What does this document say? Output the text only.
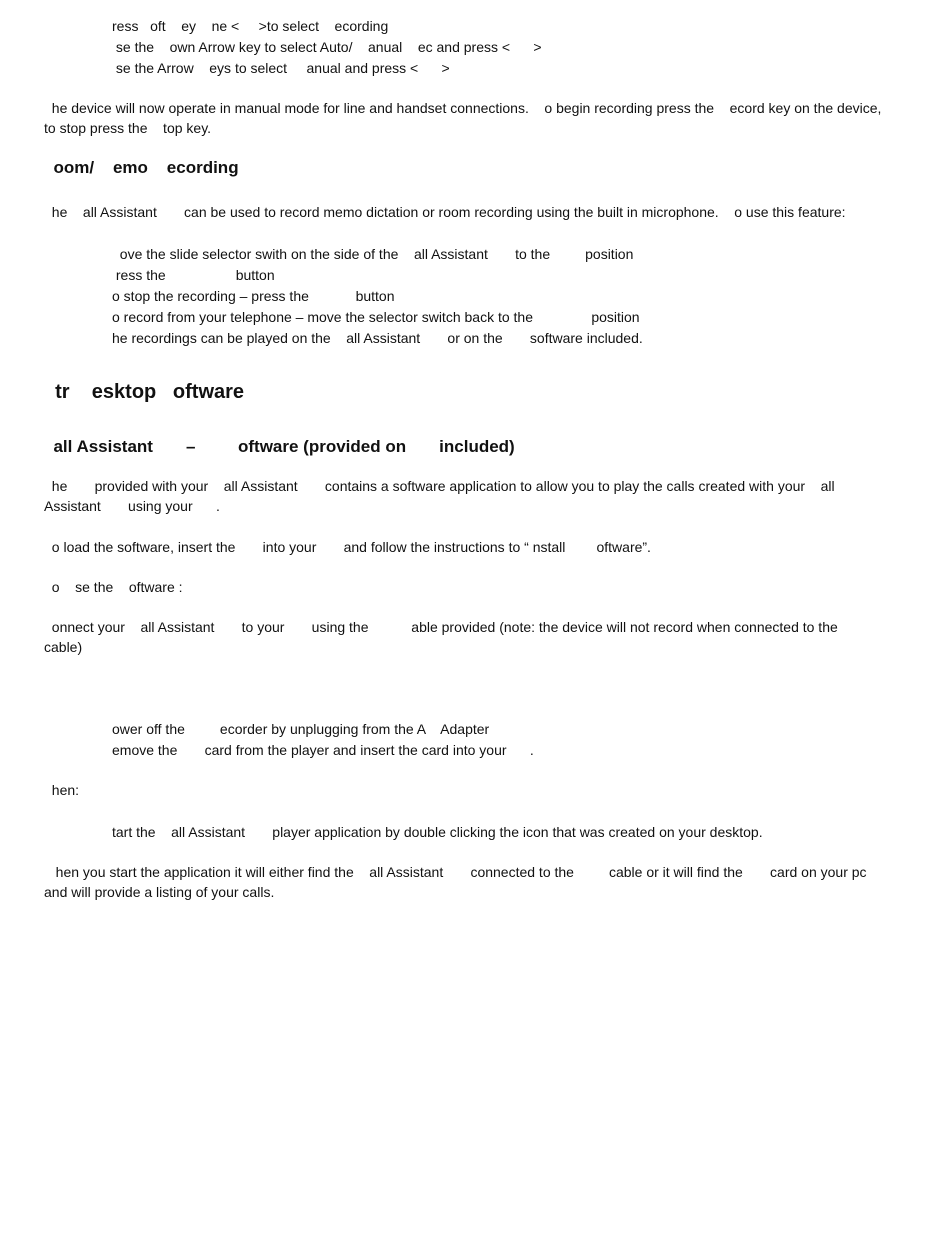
ress   oft    ey    ne <     >to select    ecording
se the    own Arrow key to select Auto/    anual    ec and press <      >
se the Arrow    eys to select     anual and press <      >
he device will now operate in manual mode for line and handset connections.    o begin recording press the    ecord key on the device,
to stop press the    top key.
oom/    emo    ecording
he    all Assistant       can be used to record memo dictation or room recording using the built in microphone.    o use this feature:
ove the slide selector swith on the side of the    all Assistant       to the         position
ress the                  button
o stop the recording – press the            button
o record from your telephone – move the selector switch back to the               position
he recordings can be played on the    all Assistant       or on the       software included.
tr    esktop   oftware
all Assistant       –         oftware (provided on       included)
he       provided with your    all Assistant       contains a software application to allow you to play the calls created with your    all
Assistant       using your      .
o load the software, insert the       into your       and follow the instructions to “ nstall        oftware”.
o    se the    oftware :
onnect your    all Assistant       to your       using the           able provided (note: the device will not record when connected to the
cable)
ower off the         ecorder by unplugging from the A    Adapter
emove the       card from the player and insert the card into your      .
hen:
tart the    all Assistant       player application by double clicking the icon that was created on your desktop.
hen you start the application it will either find the    all Assistant       connected to the         cable or it will find the       card on your pc
and will provide a listing of your calls.
